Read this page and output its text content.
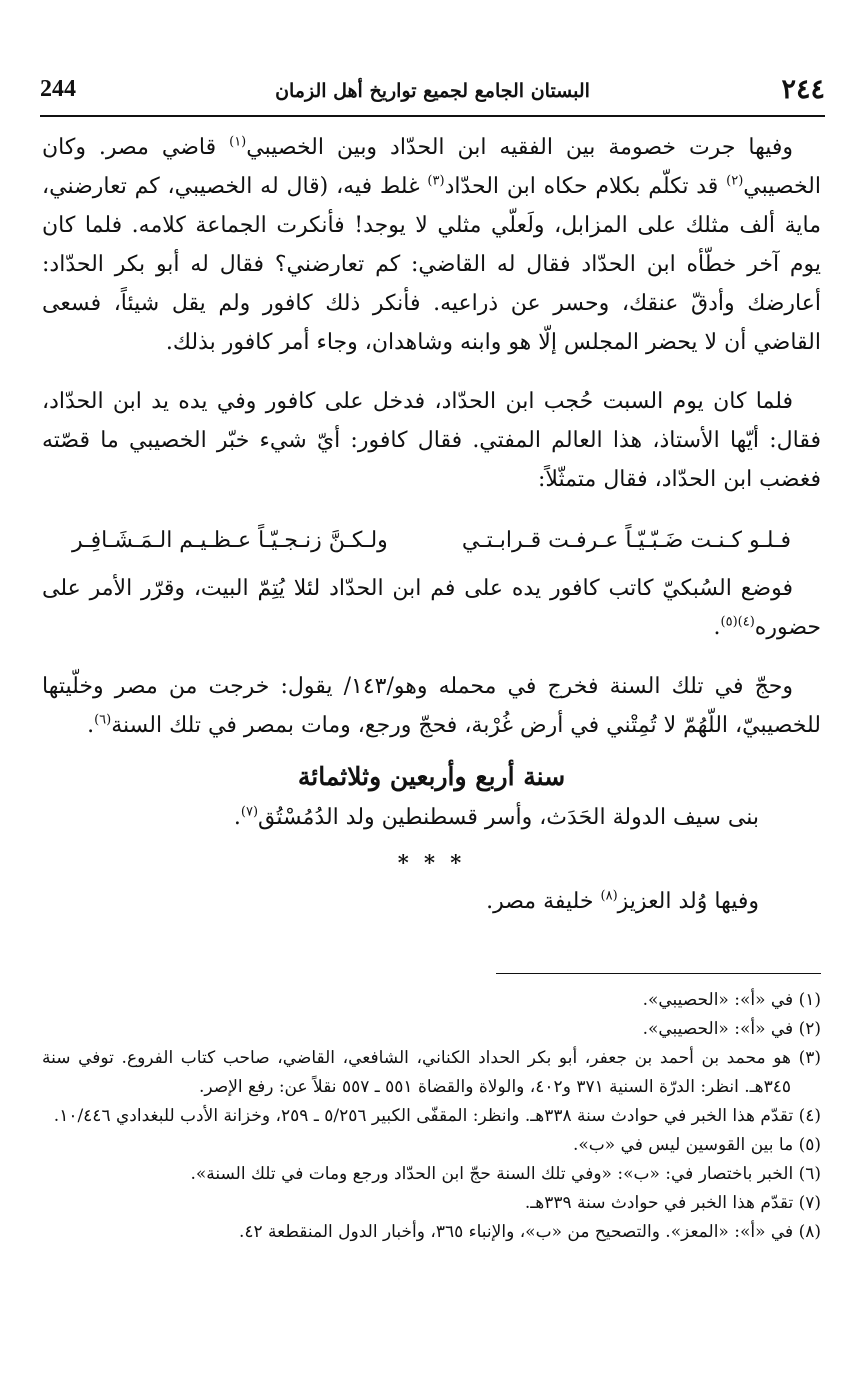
٢٤٤
البستان الجامع لجميع تواريخ أهل الزمان
244

وفيها جرت خصومة بين الفقيه ابن الحدّاد وبين الخصيبي$^{(١)}$ قاضي مصر. وكان الخصيبي$^{(٢)}$ قد تكلّم بكلام حكاه ابن الحدّاد$^{(٣)}$ غلط فيه، (قال له الخصيبي، كم تعارضني، ماية ألف مثلك على المزابل، ولَعلّي مثلي لا يوجد! فأنكرت الجماعة كلامه. فلما كان يوم آخر خطّأه ابن الحدّاد فقال له القاضي: كم تعارضني؟ فقال له أبو بكر الحدّاد: أعارضك وأدقّ عنقك، وحسر عن ذراعيه. فأنكر ذلك كافور ولم يقل شيئاً، فسعى القاضي أن لا يحضر المجلس إلّا هو وابنه وشاهدان، وجاء أمر كافور بذلك.

فلما كان يوم السبت حُجب ابن الحدّاد، فدخل على كافور وفي يده يد ابن الحدّاد، فقال: أيّها الأستاذ، هذا العالم المفتي. فقال كافور: أيّ شيء خبّر الخصيبي ما قصّته فغضب ابن الحدّاد، فقال متمثّلاً:

فـلـو كـنـت ضَـبّـيّـاً عـرفـت قـرابـتـي
ولـكـنَّ زنـجـيّـاً عـظـيـم الـمَـشَـافِـر

فوضع السُبكيّ كاتب كافور يده على فم ابن الحدّاد لئلا يُتِمّ البيت، وقرّر الأمر على حضوره$^{(٤)(٥)}$.

وحجّ في تلك السنة فخرج في محمله وهو/١٤٣/ يقول: خرجت من مصر وخلّيتها للخصيبيّ، اللّهُمّ لا تُمِتْني في أرض غُرْبة، فحجّ ورجع، ومات بمصر في تلك السنة$^{(٦)}$.

سنة أربع وأربعين وثلاثمائة
بنى سيف الدولة الحَدَث، وأسر قسطنطين ولد الدُمُسْتُق$^{(٧)}$.
* * *
وفيها وُلد العزيز$^{(٨)}$ خليفة مصر.
(١) في «أ»: «الحصيبي».
(٢) في «أ»: «الحصيبي».
(٣) هو محمد بن أحمد بن جعفر، أبو بكر الحداد الكناني، الشافعي، القاضي، صاحب كتاب الفروع. توفي سنة ٣٤٥هـ. انظر: الدرّة السنية ٣٧١ و٤٠٢، والولاة والقضاة ٥٥١ ـ ٥٥٧ نقلاً عن: رفع الإصر.
(٤) تقدّم هذا الخبر في حوادث سنة ٣٣٨هـ. وانظر: المقفّى الكبير ٥/٢٥٦ ـ ٢٥٩، وخزانة الأدب للبغدادي ١٠/٤٤٦.
(٥) ما بين القوسين ليس في «ب».
(٦) الخبر باختصار في: «ب»: «وفي تلك السنة حجّ ابن الحدّاد ورجع ومات في تلك السنة».
(٧) تقدّم هذا الخبر في حوادث سنة ٣٣٩هـ.
(٨) في «أ»: «المعز». والتصحيح من «ب»، والإنباء ٣٦٥، وأخبار الدول المنقطعة ٤٢.
